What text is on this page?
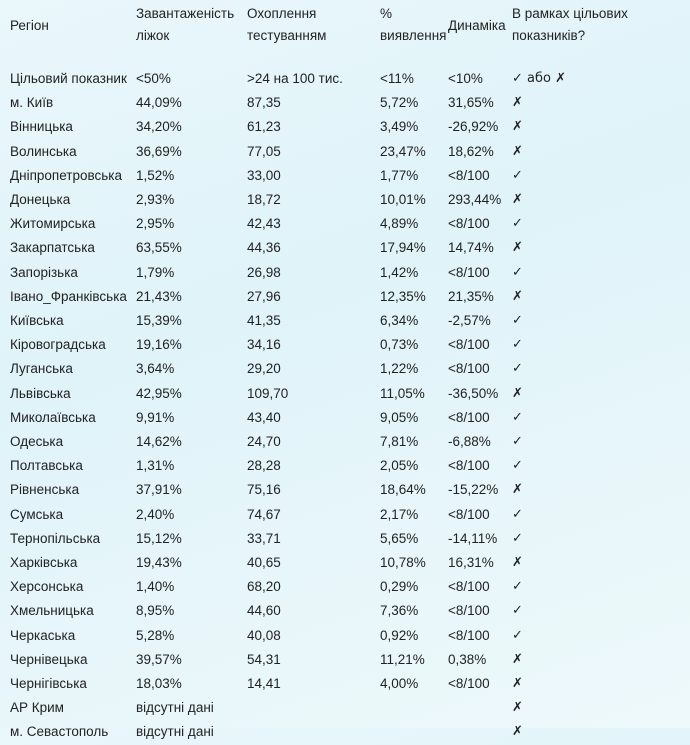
Регіон	Завантаженість ліжок	Охоплення тестуванням	% виявлення	Динаміка	В рамках цільових показників?
Цільовий показник	<50%	>24 на 100 тис.	<11%	<10%	✓ або ✗
м. Київ	44,09%	87,35	5,72%	31,65%	✗
Вінницька	34,20%	61,23	3,49%	-26,92%	✗
Волинська	36,69%	77,05	23,47%	18,62%	✗
Дніпропетровська	1,52%	33,00	1,77%	<8/100	✓
Донецька	2,93%	18,72	10,01%	293,44%	✗
Житомирська	2,95%	42,43	4,89%	<8/100	✓
Закарпатська	63,55%	44,36	17,94%	14,74%	✗
Запорізька	1,79%	26,98	1,42%	<8/100	✓
Івано_Франківська	21,43%	27,96	12,35%	21,35%	✗
Київська	15,39%	41,35	6,34%	-2,57%	✓
Кіровоградська	19,16%	34,16	0,73%	<8/100	✓
Луганська	3,64%	29,20	1,22%	<8/100	✓
Львівська	42,95%	109,70	11,05%	-36,50%	✗
Миколаївська	9,91%	43,40	9,05%	<8/100	✓
Одеська	14,62%	24,70	7,81%	-6,88%	✓
Полтавська	1,31%	28,28	2,05%	<8/100	✓
Рівненська	37,91%	75,16	18,64%	-15,22%	✗
Сумська	2,40%	74,67	2,17%	<8/100	✓
Тернопільська	15,12%	33,71	5,65%	-14,11%	✓
Харківська	19,43%	40,65	10,78%	16,31%	✗
Херсонська	1,40%	68,20	0,29%	<8/100	✓
Хмельницька	8,95%	44,60	7,36%	<8/100	✓
Черкаська	5,28%	40,08	0,92%	<8/100	✓
Чернівецька	39,57%	54,31	11,21%	0,38%	✗
Чернігівська	18,03%	14,41	4,00%	<8/100	✗
АР Крим	відсутні дані				✗
м. Севастополь	відсутні дані				✗
